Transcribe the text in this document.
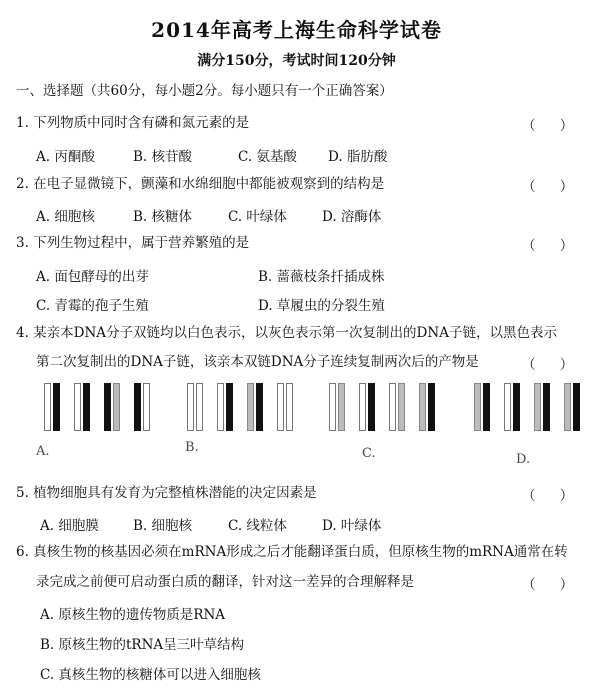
2014年高考上海生命科学试卷
满分150分，考试时间120分钟
一、选择题（共60分，每小题2分。每小题只有一个正确答案）
1. 下列物质中同时含有磷和氮元素的是	（ ）
A. 丙酮酸	B. 核苷酸	C. 氨基酸 D. 脂肪酸
2. 在电子显微镜下，颤藻和水绵细胞中都能被观察到的结构是	（ ）
A. 细胞核	B. 核糖体	C. 叶绿体	D. 溶酶体
3. 下列生物过程中，属于营养繁殖的是	（ ）
A. 面包酵母的出芽	B. 蔷薇枝条扦插成株
C. 青霉的孢子生殖	D. 草履虫的分裂生殖
4. 某亲本DNA分子双链均以白色表示，以灰色表示第一次复制出的DNA子链，以黑色表示
第二次复制出的DNA子链，该亲本双链DNA分子连续复制两次后的产物是	（ ）
A.	B.	C.	D.
5. 植物细胞具有发育为完整植株潜能的决定因素是	（ ）
A. 细胞膜	B. 细胞核	C. 线粒体	D. 叶绿体
6. 真核生物的核基因必须在mRNA形成之后才能翻译蛋白质，但原核生物的mRNA通常在转
录完成之前便可启动蛋白质的翻译，针对这一差异的合理解释是	（ ）
A. 原核生物的遗传物质是RNA
B. 原核生物的tRNA呈三叶草结构
C. 真核生物的核糖体可以进入细胞核
